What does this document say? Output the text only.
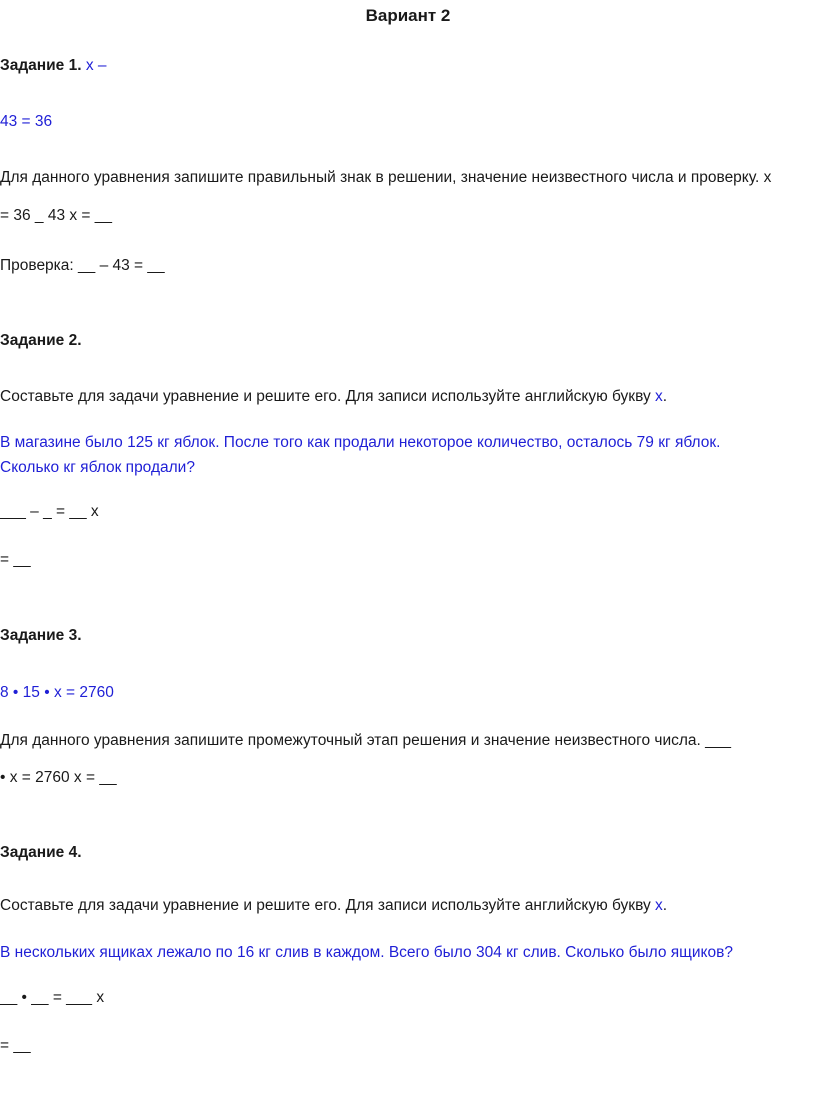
Вариант 2
Задание 1. x –
43 = 36
Для данного уравнения запишите правильный знак в решении, значение неизвестного числа и проверку. x
= 36 _ 43 x = __
Проверка: __ – 43 = __
Задание 2.
Составьте для задачи уравнение и решите его. Для записи используйте английскую букву x.
В магазине было 125 кг яблок. После того как продали некоторое количество, осталось 79 кг яблок.
Сколько кг яблок продали?
___ – _ = __ x
= __
Задание 3.
8 • 15 • x = 2760
Для данного уравнения запишите промежуточный этап решения и значение неизвестного числа. ___
• x = 2760 x = __
Задание 4.
Составьте для задачи уравнение и решите его. Для записи используйте английскую букву x.
В нескольких ящиках лежало по 16 кг слив в каждом. Всего было 304 кг слив. Сколько было ящиков?
__ • __ = ___ x
= __
